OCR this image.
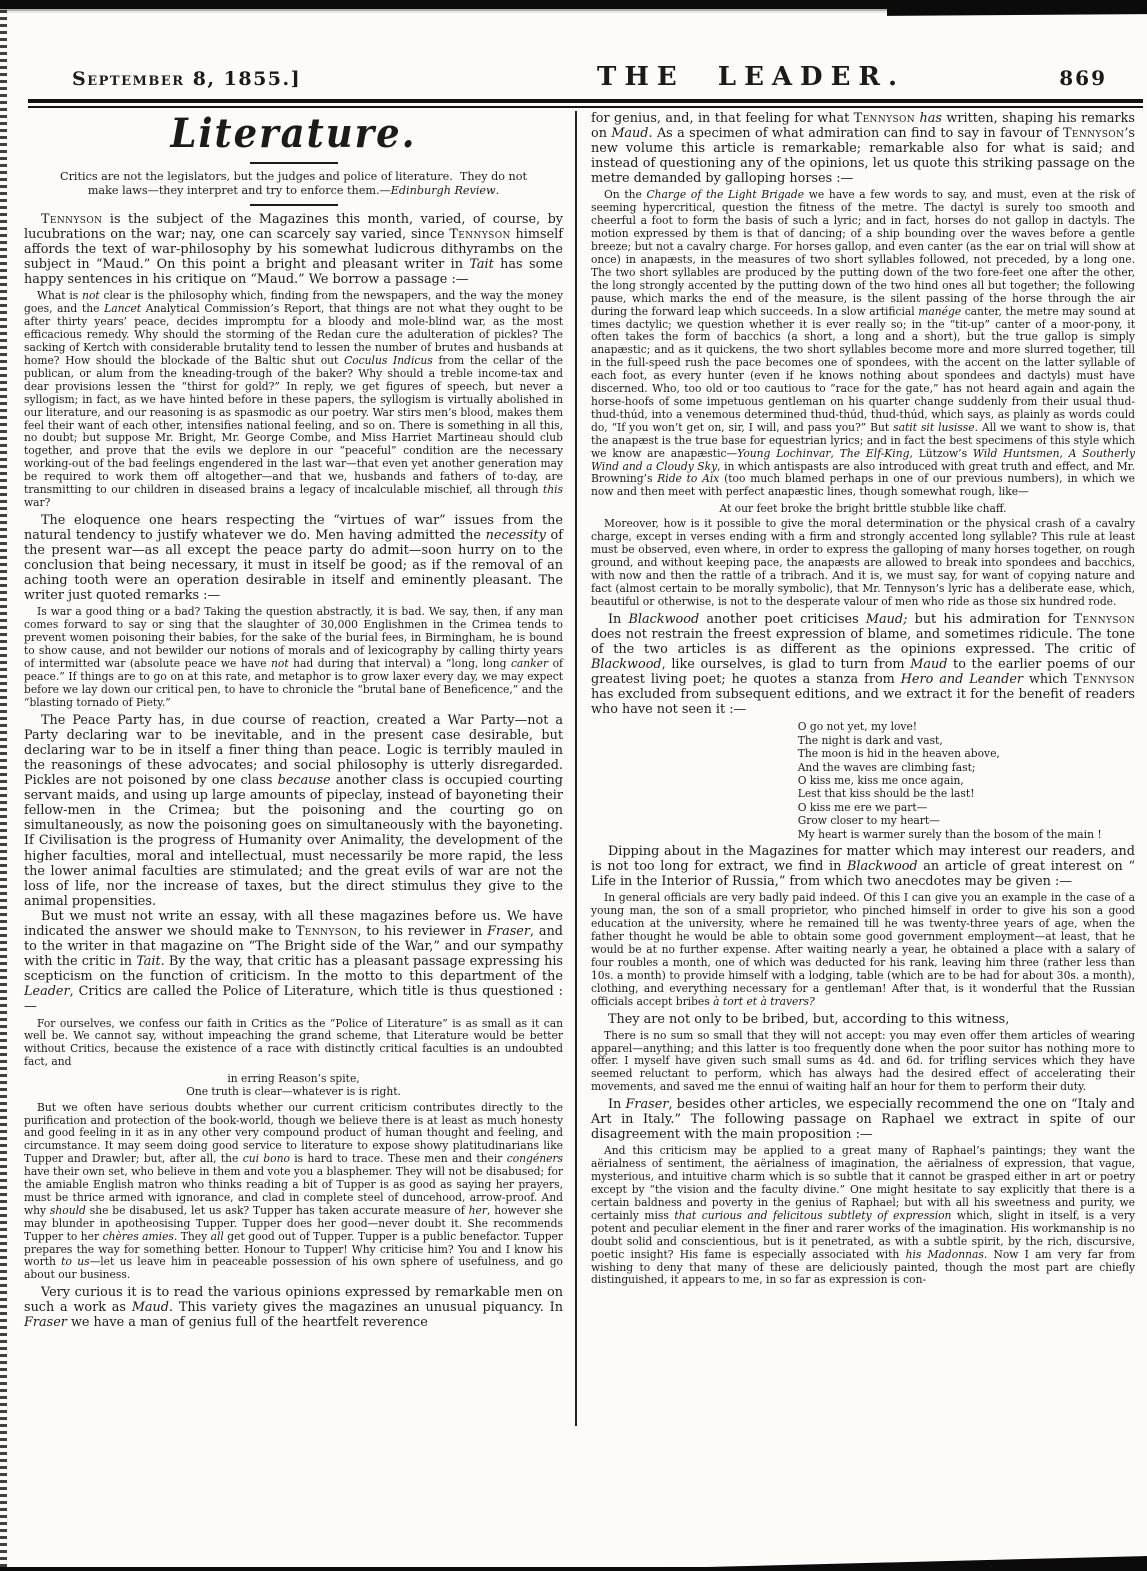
September 8, 1855.]	THE LEADER.	869
Literature.

Critics are not the legislators, but the judges and police of literature.  They do not
make laws—they interpret and try to enforce them.—Edinburgh Review.

Tennyson is the subject of the Magazines this month, varied, of course, by lucubrations on the war; nay, one can scarcely say varied, since Tennyson himself affords the text of war-philosophy by his somewhat ludicrous dithyrambs on the subject in “Maud.” On this point a bright and pleasant writer in Tait has some happy sentences in his critique on “Maud.” We borrow a passage :—

What is not clear is the philosophy which, finding from the newspapers, and the way the money goes, and the Lancet Analytical Commission’s Report, that things are not what they ought to be after thirty years’ peace, decides impromptu for a bloody and mole-blind war, as the most efficacious remedy. Why should the storming of the Redan cure the adulteration of pickles? The sacking of Kertch with considerable brutality tend to lessen the number of brutes and husbands at home? How should the blockade of the Baltic shut out Coculus Indicus from the cellar of the publican, or alum from the kneading-trough of the baker? Why should a treble income-tax and dear provisions lessen the “thirst for gold?” In reply, we get figures of speech, but never a syllogism; in fact, as we have hinted before in these papers, the syllogism is virtually abolished in our literature, and our reasoning is as spasmodic as our poetry. War stirs men’s blood, makes them feel their want of each other, intensifies national feeling, and so on. There is something in all this, no doubt; but suppose Mr. Bright, Mr. George Combe, and Miss Harriet Martineau should club together, and prove that the evils we deplore in our “peaceful” condition are the necessary working-out of the bad feelings engendered in the last war—that even yet another generation may be required to work them off altogether—and that we, husbands and fathers of to-day, are transmitting to our children in diseased brains a legacy of incalculable mischief, all through this war?

The eloquence one hears respecting the “virtues of war” issues from the natural tendency to justify whatever we do. Men having admitted the necessity of the present war—as all except the peace party do admit—soon hurry on to the conclusion that being necessary, it must in itself be good; as if the removal of an aching tooth were an operation desirable in itself and eminently pleasant. The writer just quoted remarks :—

Is war a good thing or a bad? Taking the question abstractly, it is bad. We say, then, if any man comes forward to say or sing that the slaughter of 30,000 Englishmen in the Crimea tends to prevent women poisoning their babies, for the sake of the burial fees, in Birmingham, he is bound to show cause, and not bewilder our notions of morals and of lexicography by calling thirty years of intermitted war (absolute peace we have not had during that interval) a “long, long canker of peace.” If things are to go on at this rate, and metaphor is to grow laxer every day, we may expect before we lay down our critical pen, to have to chronicle the “brutal bane of Beneficence,” and the “blasting tornado of Piety.”

The Peace Party has, in due course of reaction, created a War Party—not a Party declaring war to be inevitable, and in the present case desirable, but declaring war to be in itself a finer thing than peace. Logic is terribly mauled in the reasonings of these advocates; and social philosophy is utterly disregarded. Pickles are not poisoned by one class because another class is occupied courting servant maids, and using up large amounts of pipeclay, instead of bayoneting their fellow-men in the Crimea; but the poisoning and the courting go on simultaneously, as now the poisoning goes on simultaneously with the bayoneting. If Civilisation is the progress of Humanity over Animality, the development of the higher faculties, moral and intellectual, must necessarily be more rapid, the less the lower animal faculties are stimulated; and the great evils of war are not the loss of life, nor the increase of taxes, but the direct stimulus they give to the animal propensities.

But we must not write an essay, with all these magazines before us. We have indicated the answer we should make to Tennyson, to his reviewer in Fraser, and to the writer in that magazine on “The Bright side of the War,” and our sympathy with the critic in Tait. By the way, that critic has a pleasant passage expressing his scepticism on the function of criticism. In the motto to this department of the Leader, Critics are called the Police of Literature, which title is thus questioned :—

For ourselves, we confess our faith in Critics as the “Police of Literature” is as small as it can well be. We cannot say, without impeaching the grand scheme, that Literature would be better without Critics, because the existence of a race with distinctly critical faculties is an undoubted fact, and

in erring Reason’s spite,
One truth is clear—whatever is is right.

But we often have serious doubts whether our current criticism contributes directly to the purification and protection of the book-world, though we believe there is at least as much honesty and good feeling in it as in any other very compound product of human thought and feeling, and circumstance. It may seem doing good service to literature to expose showy platitudinarians like Tupper and Drawler; but, after all, the cui bono is hard to trace. These men and their congéners have their own set, who believe in them and vote you a blasphemer. They will not be disabused; for the amiable English matron who thinks reading a bit of Tupper is as good as saying her prayers, must be thrice armed with ignorance, and clad in complete steel of duncehood, arrow-proof. And why should she be disabused, let us ask? Tupper has taken accurate measure of her, however she may blunder in apotheosising Tupper. Tupper does her good—never doubt it. She recommends Tupper to her chères amies. They all get good out of Tupper. Tupper is a public benefactor. Tupper prepares the way for something better. Honour to Tupper! Why criticise him? You and I know his worth to us—let us leave him in peaceable possession of his own sphere of usefulness, and go about our business.

Very curious it is to read the various opinions expressed by remarkable men on such a work as Maud. This variety gives the magazines an unusual piquancy. In Fraser we have a man of genius full of the heartfelt reverence

for genius, and, in that feeling for what Tennyson has written, shaping his remarks on Maud. As a specimen of what admiration can find to say in favour of Tennyson’s new volume this article is remarkable; remarkable also for what is said; and instead of questioning any of the opinions, let us quote this striking passage on the metre demanded by galloping horses :—

On the Charge of the Light Brigade we have a few words to say, and must, even at the risk of seeming hypercritical, question the fitness of the metre. The dactyl is surely too smooth and cheerful a foot to form the basis of such a lyric; and in fact, horses do not gallop in dactyls. The motion expressed by them is that of dancing; of a ship bounding over the waves before a gentle breeze; but not a cavalry charge. For horses gallop, and even canter (as the ear on trial will show at once) in anapæsts, in the measures of two short syllables followed, not preceded, by a long one. The two short syllables are produced by the putting down of the two fore-feet one after the other, the long strongly accented by the putting down of the two hind ones all but together; the following pause, which marks the end of the measure, is the silent passing of the horse through the air during the forward leap which succeeds. In a slow artificial manége canter, the metre may sound at times dactylic; we question whether it is ever really so; in the “tit-up” canter of a moor-pony, it often takes the form of bacchics (a short, a long and a short), but the true gallop is simply anapæstic; and as it quickens, the two short syllables become more and more slurred together, till in the full-speed rush the pace becomes one of spondees, with the accent on the latter syllable of each foot, as every hunter (even if he knows nothing about spondees and dactyls) must have discerned. Who, too old or too cautious to “race for the gate,” has not heard again and again the horse-hoofs of some impetuous gentleman on his quarter change suddenly from their usual thud-thud-thúd, into a venemous determined thud-thúd, thud-thúd, which says, as plainly as words could do, “If you won’t get on, sir, I will, and pass you?” But satit sit lusisse. All we want to show is, that the anapæst is the true base for equestrian lyrics; and in fact the best specimens of this style which we know are anapæstic—Young Lochinvar, The Elf-King, Lützow’s Wild Huntsmen, A Southerly Wind and a Cloudy Sky, in which antispasts are also introduced with great truth and effect, and Mr. Browning’s Ride to Aix (too much blamed perhaps in one of our previous numbers), in which we now and then meet with perfect anapæstic lines, though somewhat rough, like—

At our feet broke the bright brittle stubble like chaff.

Moreover, how is it possible to give the moral determination or the physical crash of a cavalry charge, except in verses ending with a firm and strongly accented long syllable? This rule at least must be observed, even where, in order to express the galloping of many horses together, on rough ground, and without keeping pace, the anapæsts are allowed to break into spondees and bacchics, with now and then the rattle of a tribrach. And it is, we must say, for want of copying nature and fact (almost certain to be morally symbolic), that Mr. Tennyson’s lyric has a deliberate ease, which, beautiful or otherwise, is not to the desperate valour of men who ride as those six hundred rode.

In Blackwood another poet criticises Maud; but his admiration for Tennyson does not restrain the freest expression of blame, and sometimes ridicule. The tone of the two articles is as different as the opinions expressed. The critic of Blackwood, like ourselves, is glad to turn from Maud to the earlier poems of our greatest living poet; he quotes a stanza from Hero and Leander which Tennyson has excluded from subsequent editions, and we extract it for the benefit of readers who have not seen it :—

O go not yet, my love!
The night is dark and vast,
The moon is hid in the heaven above,
And the waves are climbing fast;
O kiss me, kiss me once again,
Lest that kiss should be the last!
O kiss me ere we part—
Grow closer to my heart—
My heart is warmer surely than the bosom of the main !

Dipping about in the Magazines for matter which may interest our readers, and is not too long for extract, we find in Blackwood an article of great interest on “ Life in the Interior of Russia,” from which two anecdotes may be given :—

In general officials are very badly paid indeed. Of this I can give you an example in the case of a young man, the son of a small proprietor, who pinched himself in order to give his son a good education at the university, where he remained till he was twenty-three years of age, when the father thought he would be able to obtain some good government employment—at least, that he would be at no further expense. After waiting nearly a year, he obtained a place with a salary of four roubles a month, one of which was deducted for his rank, leaving him three (rather less than 10s. a month) to provide himself with a lodging, table (which are to be had for about 30s. a month), clothing, and everything necessary for a gentleman! After that, is it wonderful that the Russian officials accept bribes à tort et à travers?

They are not only to be bribed, but, according to this witness,

There is no sum so small that they will not accept: you may even offer them articles of wearing apparel—anything; and this latter is too frequently done when the poor suitor has nothing more to offer. I myself have given such small sums as 4d. and 6d. for trifling services which they have seemed reluctant to perform, which has always had the desired effect of accelerating their movements, and saved me the ennui of waiting half an hour for them to perform their duty.

In Fraser, besides other articles, we especially recommend the one on “Italy and Art in Italy.” The following passage on Raphael we extract in spite of our disagreement with the main proposition :—

And this criticism may be applied to a great many of Raphael’s paintings; they want the aërialness of sentiment, the aërialness of imagination, the aërialness of expression, that vague, mysterious, and intuitive charm which is so subtle that it cannot be grasped either in art or poetry except by “the vision and the faculty divine.” One might hesitate to say explicitly that there is a certain baldness and poverty in the genius of Raphael; but with all his sweetness and purity, we certainly miss that curious and felicitous subtlety of expression which, slight in itself, is a very potent and peculiar element in the finer and rarer works of the imagination. His workmanship is no doubt solid and conscientious, but is it penetrated, as with a subtle spirit, by the rich, discursive, poetic insight? His fame is especially associated with his Madonnas. Now I am very far from wishing to deny that many of these are deliciously painted, though the most part are chiefly distinguished, it appears to me, in so far as expression is con-
